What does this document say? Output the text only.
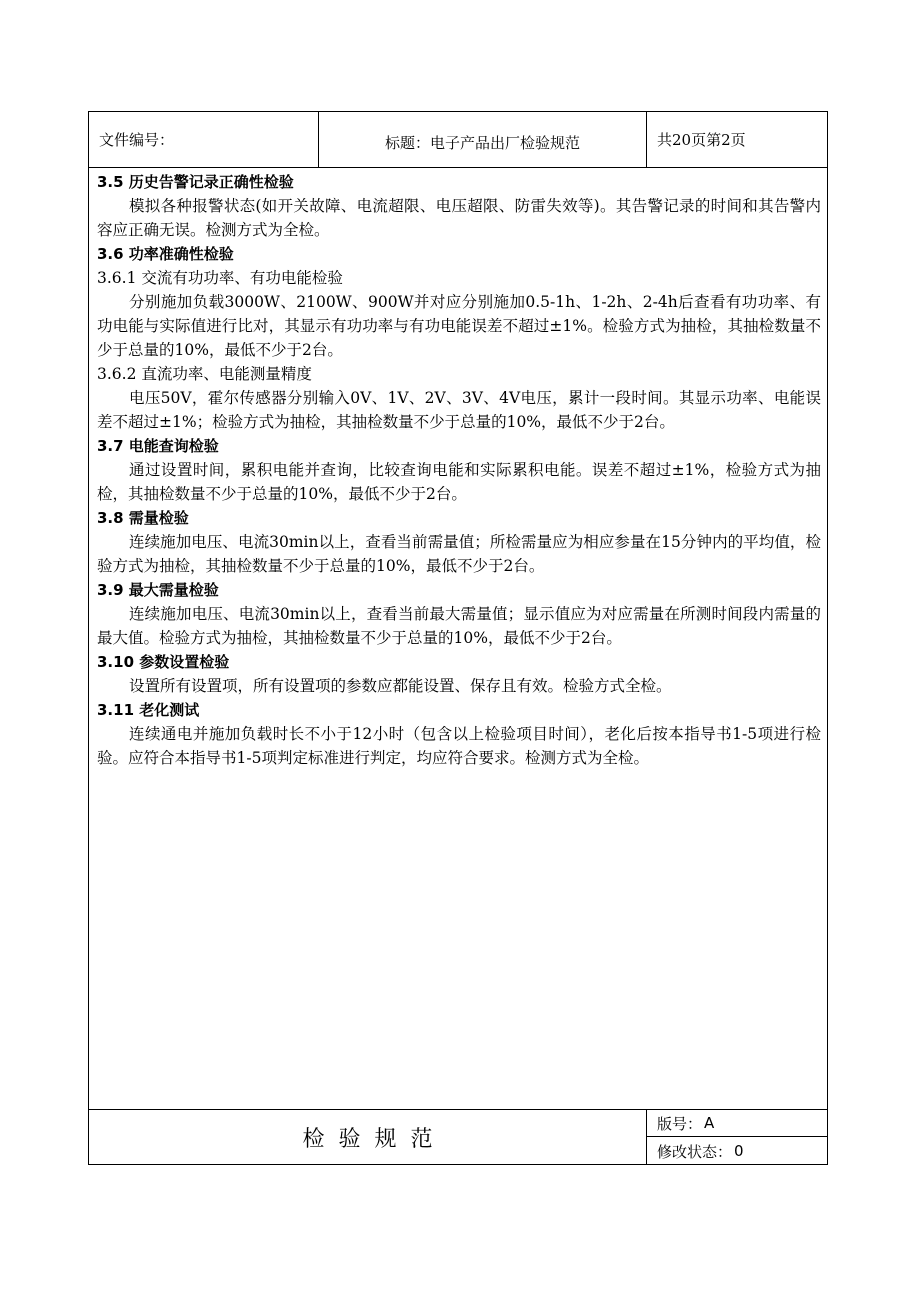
文件编号：	标题：电子产品出厂检验规范	共20页第2页
3.5 历史告警记录正确性检验
模拟各种报警状态(如开关故障、电流超限、电压超限、防雷失效等)。其告警记录的时间和其告警内容应正确无误。检测方式为全检。
3.6 功率准确性检验
3.6.1 交流有功功率、有功电能检验
分别施加负载3000W、2100W、900W并对应分别施加0.5-1h、1-2h、2-4h后查看有功功率、有功电能与实际值进行比对，其显示有功功率与有功电能误差不超过±1%。检验方式为抽检，其抽检数量不少于总量的10%，最低不少于2台。
3.6.2 直流功率、电能测量精度
电压50V，霍尔传感器分别输入0V、1V、2V、3V、4V电压，累计一段时间。其显示功率、电能误差不超过±1%；检验方式为抽检，其抽检数量不少于总量的10%，最低不少于2台。
3.7 电能查询检验
通过设置时间，累积电能并查询，比较查询电能和实际累积电能。误差不超过±1%，检验方式为抽检，其抽检数量不少于总量的10%，最低不少于2台。
3.8 需量检验
连续施加电压、电流30min以上，查看当前需量值；所检需量应为相应参量在15分钟内的平均值，检验方式为抽检，其抽检数量不少于总量的10%，最低不少于2台。
3.9 最大需量检验
连续施加电压、电流30min以上，查看当前最大需量值；显示值应为对应需量在所测时间段内需量的最大值。检验方式为抽检，其抽检数量不少于总量的10%，最低不少于2台。
3.10 参数设置检验
设置所有设置项，所有设置项的参数应都能设置、保存且有效。检验方式全检。
3.11 老化测试
连续通电并施加负载时长不小于12小时（包含以上检验项目时间），老化后按本指导书1-5项进行检验。应符合本指导书1-5项判定标准进行判定，均应符合要求。检测方式为全检。
检验规范
版号： A
修改状态： 0
